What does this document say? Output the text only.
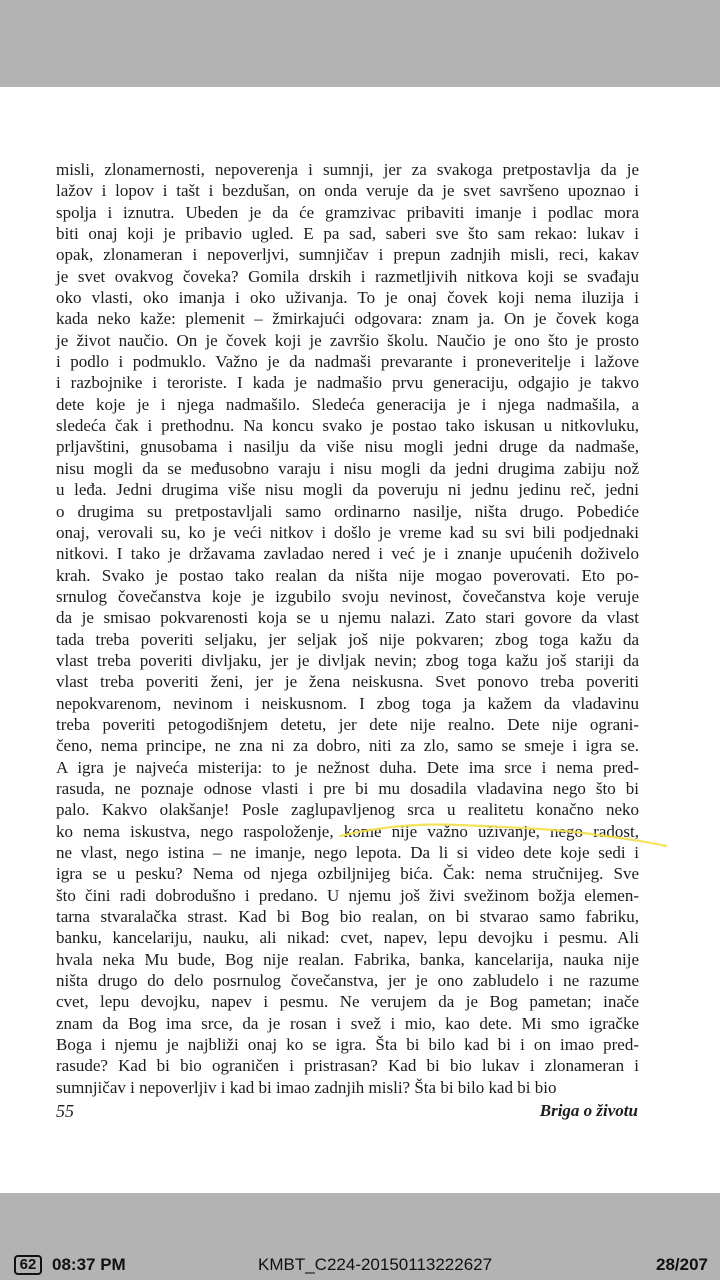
misli, zlonamernosti, nepoverenja i sumnji, jer za svakoga pretpostavlja da je
lažov i lopov i tašt i bezdušan, on onda veruje da je svet savršeno upoznao i
spolja i iznutra. Ubeden je da će gramzivac pribaviti imanje i podlac mora
biti onaj koji je pribavio ugled. E pa sad, saberi sve što sam rekao: lukav i
opak, zlonameran i nepoverljvi, sumnjičav i prepun zadnjih misli, reci, kakav
je svet ovakvog čoveka? Gomila drskih i razmetljivih nitkova koji se svađaju
oko vlasti, oko imanja i oko uživanja. To je onaj čovek koji nema iluzija i
kada neko kaže: plemenit – žmirkajući odgovara: znam ja. On je čovek koga
je život naučio. On je čovek koji je završio školu. Naučio je ono što je prosto
i podlo i podmuklo. Važno je da nadmaši prevarante i proneveritelje i lažove
i razbojnike i teroriste. I kada je nadmašio prvu generaciju, odgajio je takvo
dete koje je i njega nadmašilo. Sledeća generacija je i njega nadmašila, a
sledeća čak i prethodnu. Na koncu svako je postao tako iskusan u nitkovluku,
prljavštini, gnusobama i nasilju da više nisu mogli jedni druge da nadmaše,
nisu mogli da se međusobno varaju i nisu mogli da jedni drugima zabiju nož
u leđa. Jedni drugima više nisu mogli da poveruju ni jednu jedinu reč, jedni
o drugima su pretpostavljali samo ordinarno nasilje, ništa drugo. Pobediće
onaj, verovali su, ko je veći nitkov i došlo je vreme kad su svi bili podjednaki
nitkovi. I tako je državama zavladao nered i već je i znanje upućenih doživelo
krah. Svako je postao tako realan da ništa nije mogao poverovati. Eto po-
srnulog čovečanstva koje je izgubilo svoju nevinost, čovečanstva koje veruje
da je smisao pokvarenosti koja se u njemu nalazi. Zato stari govore da vlast
tada treba poveriti seljaku, jer seljak još nije pokvaren; zbog toga kažu da
vlast treba poveriti divljaku, jer je divljak nevin; zbog toga kažu još stariji da
vlast treba poveriti ženi, jer je žena neiskusna. Svet ponovo treba poveriti
nepokvarenom, nevinom i neiskusnom. I zbog toga ja kažem da vladavinu
treba poveriti petogodišnjem detetu, jer dete nije realno. Dete nije ograni-
čeno, nema principe, ne zna ni za dobro, niti za zlo, samo se smeje i igra se.
A igra je najveća misterija: to je nežnost duha. Dete ima srce i nema pred-
rasuda, ne poznaje odnose vlasti i pre bi mu dosadila vladavina nego što bi
palo. Kakvo olakšanje! Posle zaglupavljenog srca u realitetu konačno neko
ko nema iskustva, nego raspoloženje, kome nije važno uživanje, nego radost,
ne vlast, nego istina – ne imanje, nego lepota. Da li si video dete koje sedi i
igra se u pesku? Nema od njega ozbiljnijeg bića. Čak: nema stručnijeg. Sve
što čini radi dobrodušno i predano. U njemu još živi svežinom božja elemen-
tarna stvaralačka strast. Kad bi Bog bio realan, on bi stvarao samo fabriku,
banku, kancelariju, nauku, ali nikad: cvet, napev, lepu devojku i pesmu. Ali
hvala neka Mu bude, Bog nije realan. Fabrika, banka, kancelarija, nauka nije
ništa drugo do delo posrnulog čovečanstva, jer je ono zabludelo i ne razume
cvet, lepu devojku, napev i pesmu. Ne verujem da je Bog pametan; inače
znam da Bog ima srce, da je rosan i svež i mio, kao dete. Mi smo igračke
Boga i njemu je najbliži onaj ko se igra. Šta bi bilo kad bi i on imao pred-
rasude? Kad bi bio ograničen i pristrasan? Kad bi bio lukav i zlonameran i
sumnjičav i nepoverljiv i kad bi imao zadnjih misli? Šta bi bilo kad bi bio
55	Briga o životu
62 08:37 PM	KMBT_C224-20150113222627	28/207
